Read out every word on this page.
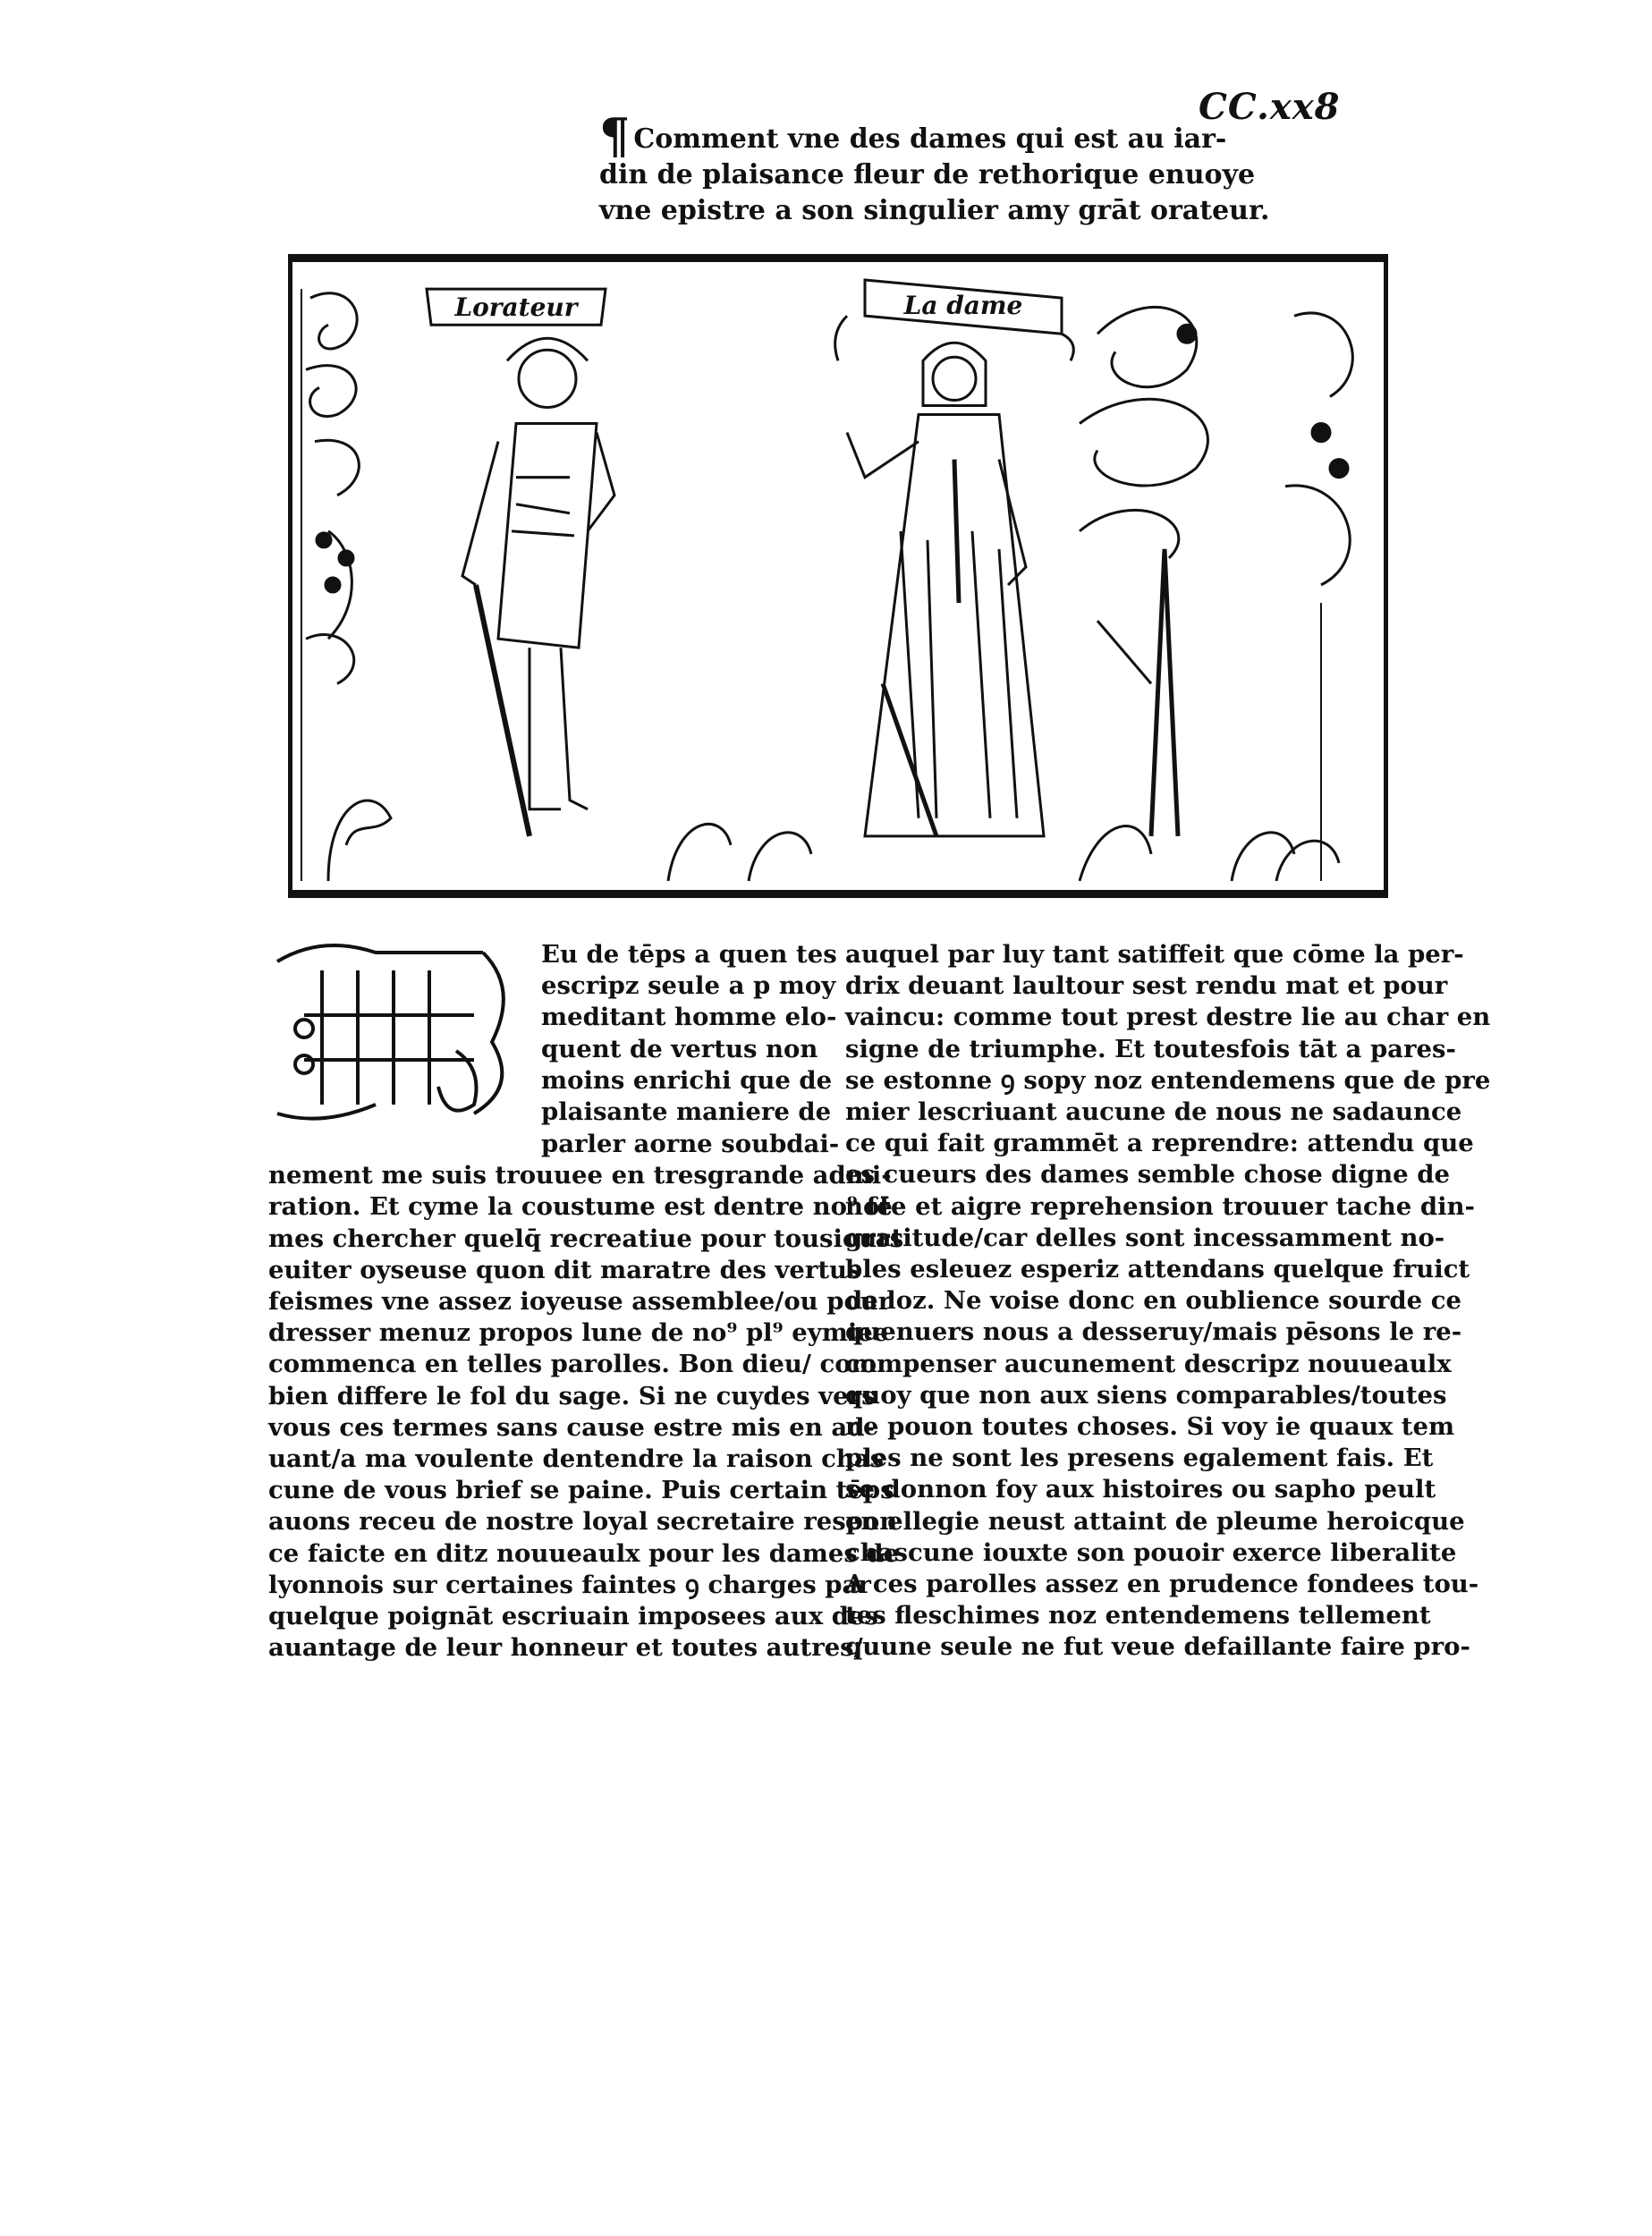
CC.xx8
¶ Comment vne des dames qui est au iar-
din de plaisance fleur de rethorique enuoye
vne epistre a son singulier amy grāt orateur.
Lorateur	La dame
Eu de tēps a quen tes
escripz seule a p moy
meditant homme elo-
quent de vertus non
moins enrichi que de
plaisante maniere de
parler aorne soubdai-
nement me suis trouuee en tresgrande admi-
ration. Et cyme la coustume est dentre no⁹ fē
mes chercher quelq̄ recreatiue pour tousiours
euiter oyseuse quon dit maratre des vertus
feismes vne assez ioyeuse assemblee/ou pour
dresser menuz propos lune de no⁹ pl⁹ eymiee
commenca en telles parolles. Bon dieu/ com
bien differe le fol du sage. Si ne cuydes vers
vous ces termes sans cause estre mis en ad-
uant/a ma voulente dentendre la raison chas
cune de vous brief se paine. Puis certain tēps
auons receu de nostre loyal secretaire respon
ce faicte en ditz nouueaulx pour les dames de
lyonnois sur certaines faintes ꝯ charges par
quelque poignāt escriuain imposees aux des
auantage de leur honneur et toutes autres/
auquel par luy tant satiffeit que cōme la per-
drix deuant laultour sest rendu mat et pour
vaincu: comme tout prest destre lie au char en
signe de triumphe. Et toutesfois tāt a pares-
se estonne ꝯ sopy noz entendemens que de pre
mier lescriuant aucune de nous ne sadaunce
ce qui fait grammēt a reprendre: attendu que
es cueurs des dames semble chose digne de
note et aigre reprehension trouuer tache din-
gratitude/car delles sont incessamment no-
bles esleuez esperiz attendans quelque fruict
de loz. Ne voise donc en oublience sourde ce
quenuers nous a desseruy/mais pēsons le re-
compenser aucunement descripz nouueaulx
quoy que non aux siens comparables/toutes
ne pouon toutes choses. Si voy ie quaux tem
ples ne sont les presens egalement fais. Et
se donnon foy aux histoires ou sapho peult
en ellegie neust attaint de pleume heroicque
chascune iouxte son pouoir exerce liberalite
A ces parolles assez en prudence fondees tou-
tes fleschimes noz entendemens tellement
quune seule ne fut veue defaillante faire pro-
